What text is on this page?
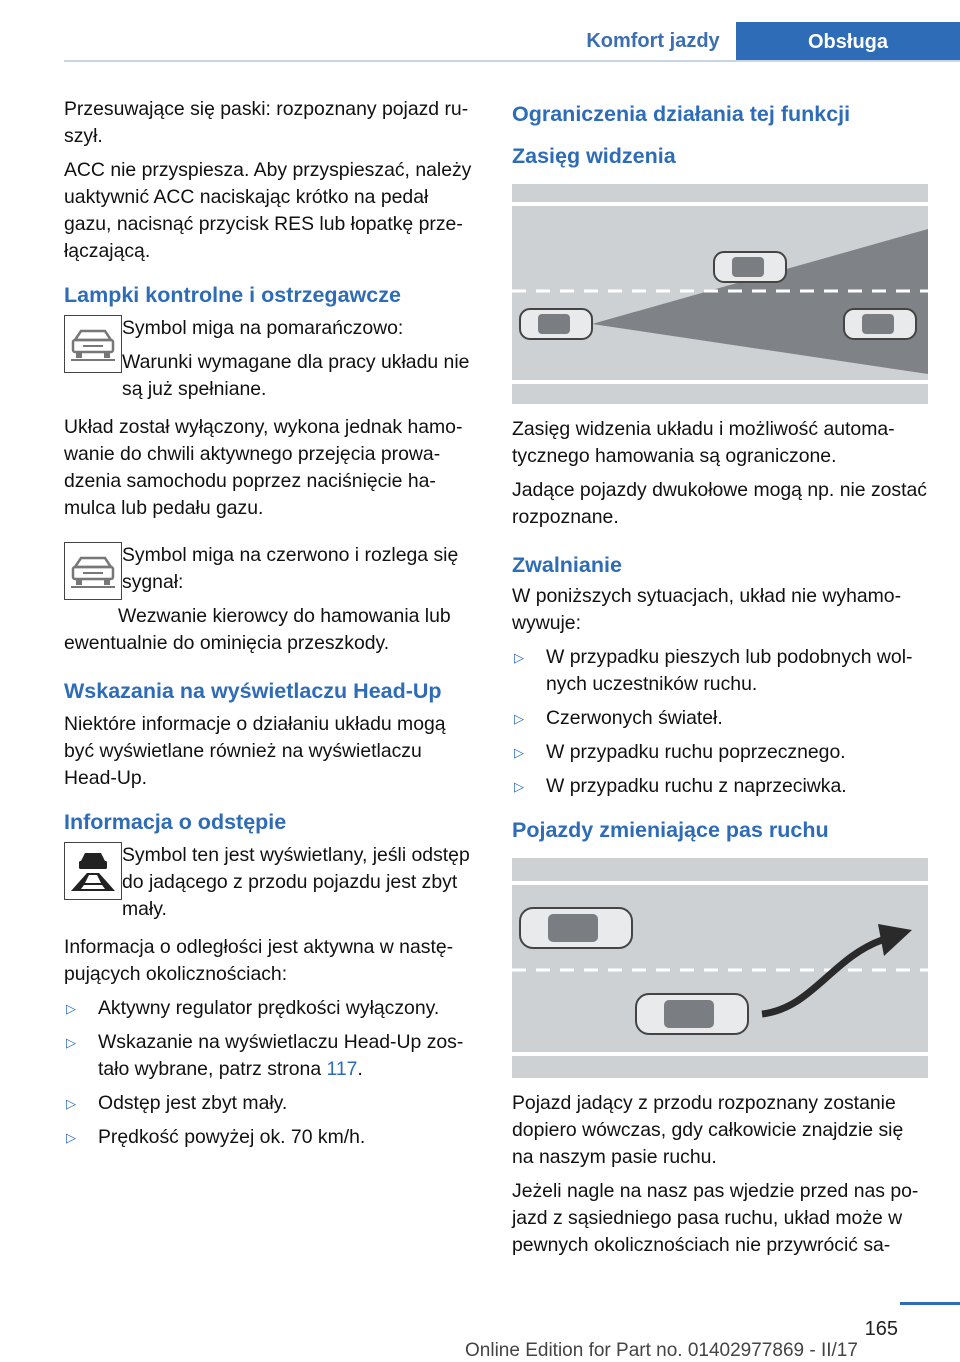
Komfort jazdy	Obsługa

Przesuwające się paski: rozpoznany pojazd ruszył.

ACC nie przyspiesza. Aby przyspieszać, należy uaktywnić ACC naciskając krótko na pedał gazu, nacisnąć przycisk RES lub łopatkę przełączającą.

Lampki kontrolne i ostrzegawcze

Symbol miga na pomarańczowo:

Warunki wymagane dla pracy układu nie są już spełniane.

Układ został wyłączony, wykona jednak hamowanie do chwili aktywnego przejęcia prowadzenia samochodu poprzez naciśnięcie hamulca lub pedału gazu.

Symbol miga na czerwono i rozlega się sygnał:

Wezwanie kierowcy do hamowania lub ewentualnie do ominięcia przeszkody.

Wskazania na wyświetlaczu Head-Up

Niektóre informacje o działaniu układu mogą być wyświetlane również na wyświetlaczu Head-Up.

Informacja o odstępie

Symbol ten jest wyświetlany, jeśli odstęp do jadącego z przodu pojazdu jest zbyt mały.

Informacja o odległości jest aktywna w następujących okolicznościach:

▷ Aktywny regulator prędkości wyłączony.
▷ Wskazanie na wyświetlaczu Head-Up zostało wybrane, patrz strona 117.
▷ Odstęp jest zbyt mały.
▷ Prędkość powyżej ok. 70 km/h.
Ograniczenia działania tej funkcji
Zasięg widzenia

Zasięg widzenia układu i możliwość automatycznego hamowania są ograniczone.

Jadące pojazdy dwukołowe mogą np. nie zostać rozpoznane.

Zwalnianie

W poniższych sytuacjach, układ nie wyhamowywuje:

▷ W przypadku pieszych lub podobnych wolnych uczestników ruchu.
▷ Czerwonych świateł.
▷ W przypadku ruchu poprzecznego.
▷ W przypadku ruchu z naprzeciwka.
Pojazdy zmieniające pas ruchu

Pojazd jadący z przodu rozpoznany zostanie dopiero wówczas, gdy całkowicie znajdzie się na naszym pasie ruchu.

Jeżeli nagle na nasz pas wjedzie przed nas pojazd z sąsiedniego pasa ruchu, układ może w pewnych okolicznościach nie przywrócić sa-

165
Online Edition for Part no. 01402977869 - II/17
